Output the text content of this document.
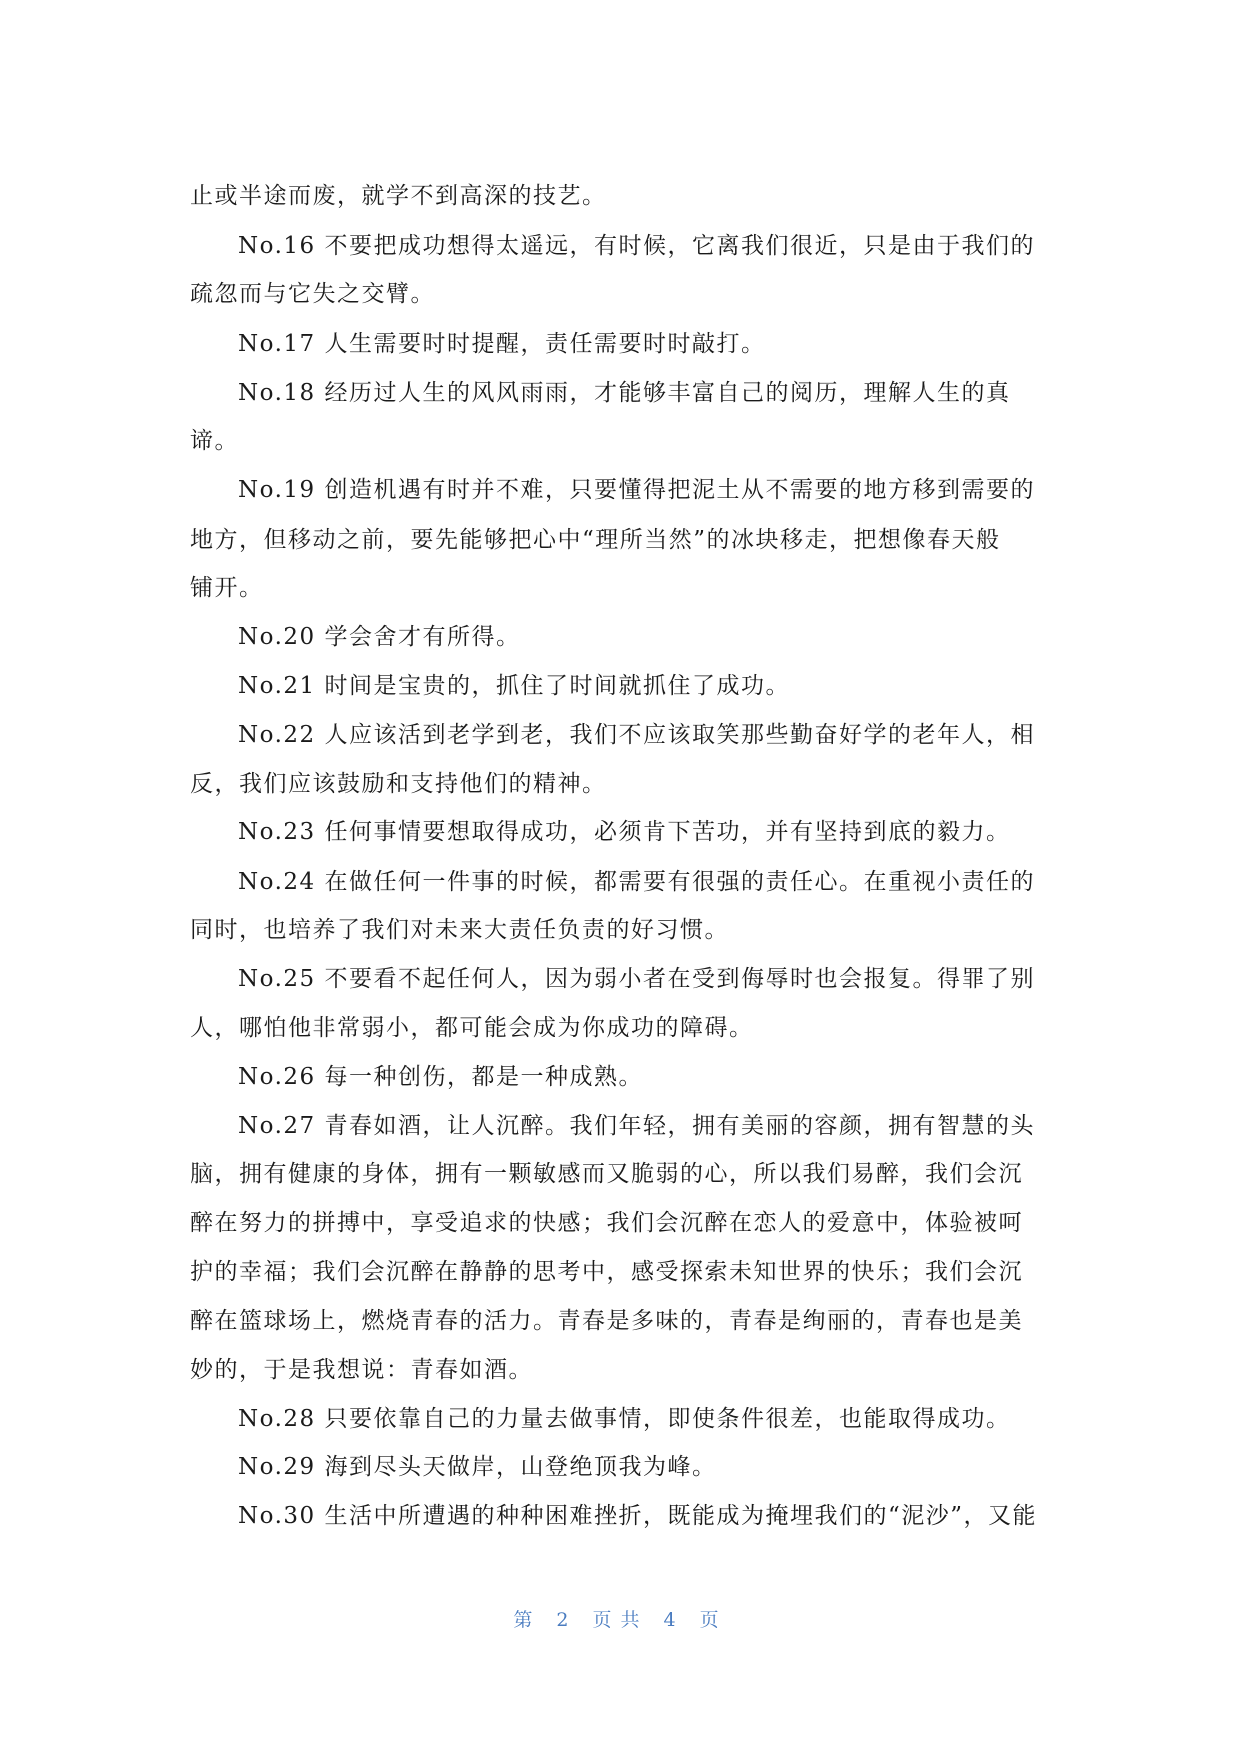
止或半途而废，就学不到高深的技艺。

No.16 不要把成功想得太遥远，有时候，它离我们很近，只是由于我们的

疏忽而与它失之交臂。

No.17 人生需要时时提醒，责任需要时时敲打。

No.18 经历过人生的风风雨雨，才能够丰富自己的阅历，理解人生的真

谛。

No.19 创造机遇有时并不难，只要懂得把泥土从不需要的地方移到需要的

地方，但移动之前，要先能够把心中“理所当然”的冰块移走，把想像春天般

铺开。

No.20 学会舍才有所得。

No.21 时间是宝贵的，抓住了时间就抓住了成功。

No.22 人应该活到老学到老，我们不应该取笑那些勤奋好学的老年人，相

反，我们应该鼓励和支持他们的精神。

No.23 任何事情要想取得成功，必须肯下苦功，并有坚持到底的毅力。

No.24 在做任何一件事的时候，都需要有很强的责任心。在重视小责任的

同时，也培养了我们对未来大责任负责的好习惯。

No.25 不要看不起任何人，因为弱小者在受到侮辱时也会报复。得罪了别

人，哪怕他非常弱小，都可能会成为你成功的障碍。

No.26 每一种创伤，都是一种成熟。

No.27 青春如酒，让人沉醉。我们年轻，拥有美丽的容颜，拥有智慧的头

脑，拥有健康的身体，拥有一颗敏感而又脆弱的心，所以我们易醉，我们会沉

醉在努力的拼搏中，享受追求的快感；我们会沉醉在恋人的爱意中，体验被呵

护的幸福；我们会沉醉在静静的思考中，感受探索未知世界的快乐；我们会沉

醉在篮球场上，燃烧青春的活力。青春是多味的，青春是绚丽的，青春也是美

妙的，于是我想说：青春如酒。

No.28 只要依靠自己的力量去做事情，即使条件很差，也能取得成功。

No.29 海到尽头天做岸，山登绝顶我为峰。

No.30 生活中所遭遇的种种困难挫折，既能成为掩埋我们的“泥沙”，又能

第 2 页共 4 页
